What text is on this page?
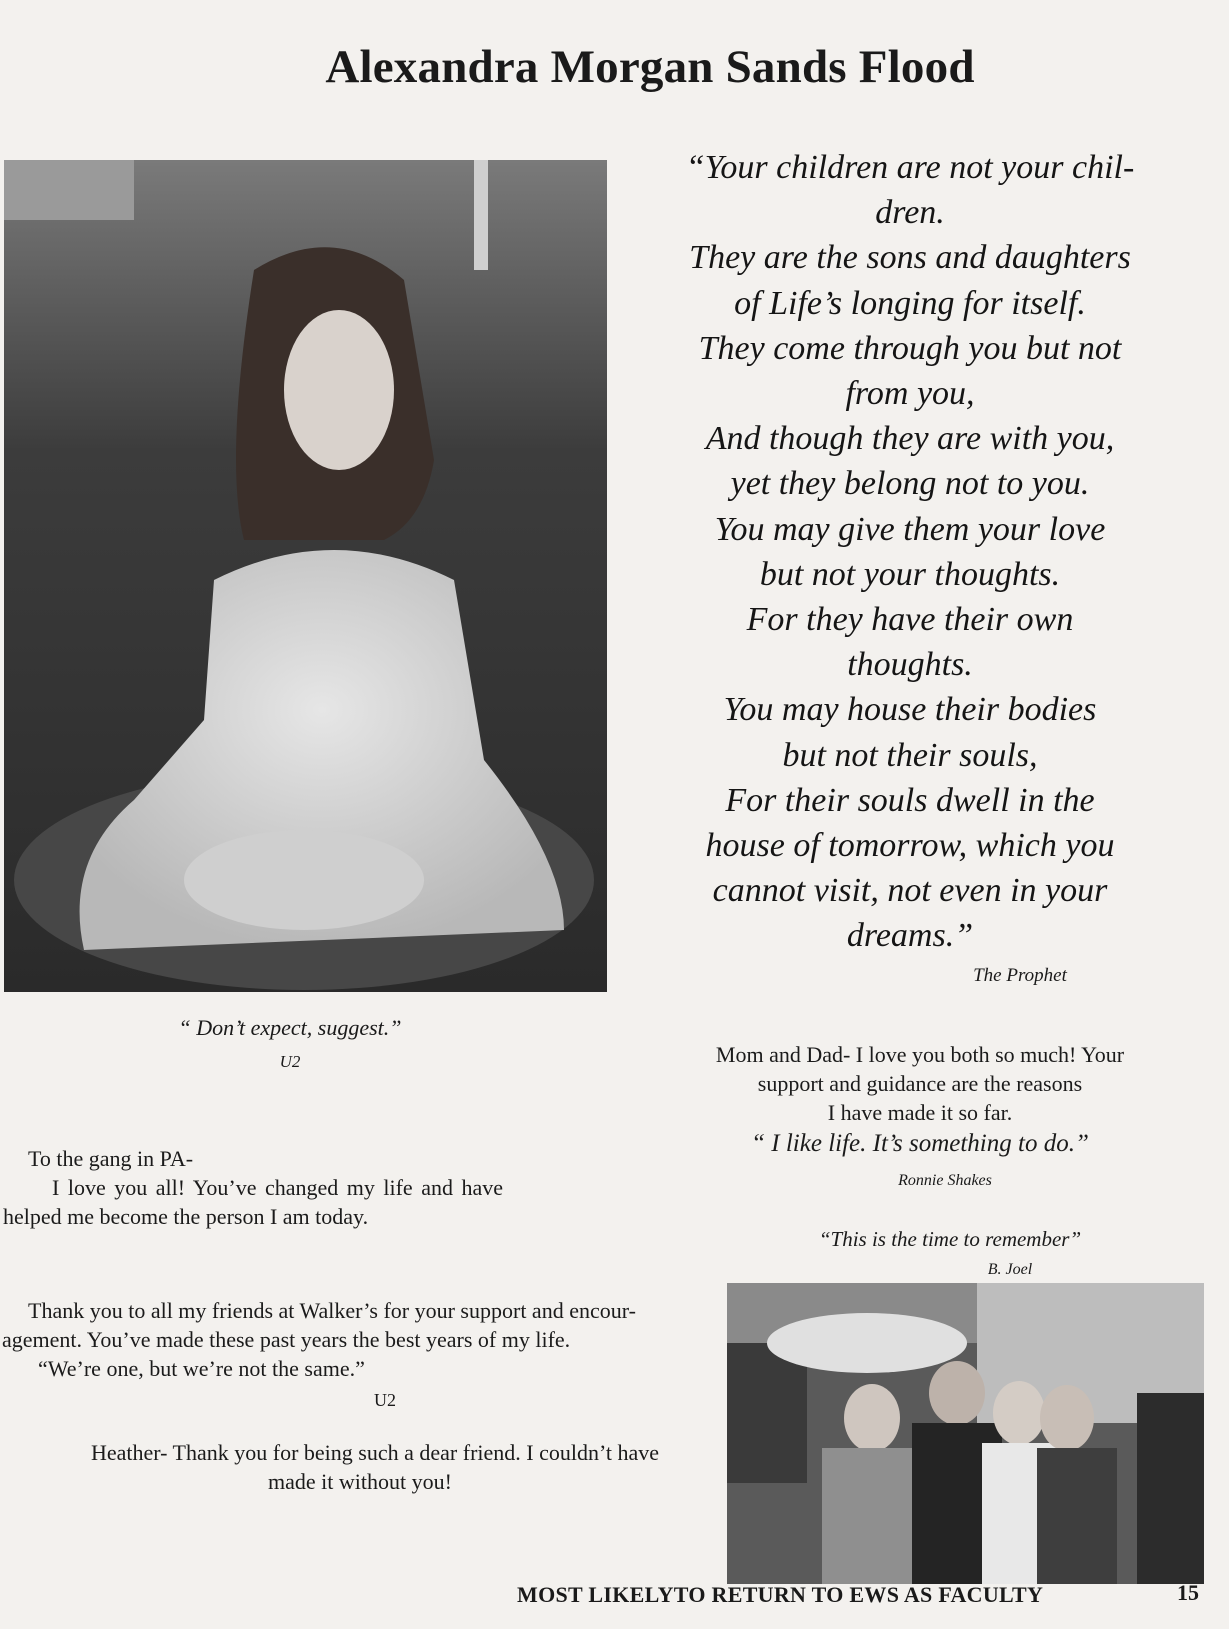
Alexandra Morgan Sands Flood
“Your children are not your chil-
dren.
They are the sons and daughters
of Life’s longing for itself.
They come through you but not
from you,
And though they are with you,
yet they belong not to you.
You may give them your love
but not your thoughts.
For they have their own
thoughts.
You may house their bodies
but not their souls,
For their souls dwell in the
house of tomorrow, which you
cannot visit, not even in your
dreams.”
The Prophet
“ Don’t expect, suggest.”
U2
To the gang in PA-
I love you all! You’ve changed my life and have
helped me become the person I am today.
Thank you to all my friends at Walker’s for your support and encour-
agement. You’ve made these past years the best years of my life.
“We’re one, but we’re not the same.”
U2
Heather- Thank you for being such a dear friend. I couldn’t have
made it without you!
Mom and Dad- I love you both so much! Your
support and guidance are the reasons
I have made it so far.
“ I like life. It’s something to do.”
Ronnie Shakes
“This is the time to remember”
B. Joel
MOST LIKELYTO RETURN TO EWS AS FACULTY	15
